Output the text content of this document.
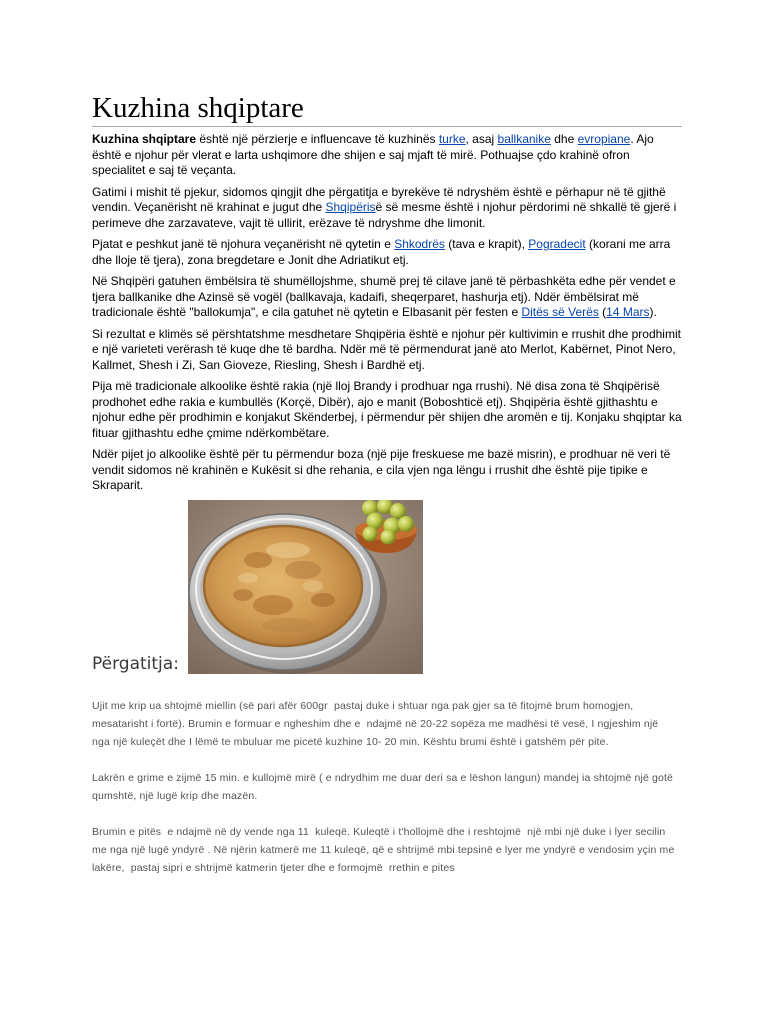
Kuzhina shqiptare

Kuzhina shqiptare është një përzierje e influencave të kuzhinës turke, asaj ballkanike dhe evropiane. Ajo është e njohur për vlerat e larta ushqimore dhe shijen e saj mjaft të mirë. Pothuajse çdo krahinë ofron specialitet e saj të veçanta.

Gatimi i mishit të pjekur, sidomos qingjit dhe përgatitja e byrekëve të ndryshëm është e përhapur në të gjithë vendin. Veçanërisht në krahinat e jugut dhe Shqipërisë së mesme është i njohur përdorimi në shkallë të gjerë i perimeve dhe zarzavateve, vajit të ullirit, erëzave të ndryshme dhe limonit.

Pjatat e peshkut janë të njohura veçanërisht në qytetin e Shkodrës (tava e krapit), Pogradecit (korani me arra dhe lloje të tjera), zona bregdetare e Jonit dhe Adriatikut etj.

Në Shqipëri gatuhen ëmbëlsira të shumëllojshme, shumë prej të cilave janë të përbashkëta edhe për vendet e tjera ballkanike dhe Azinsë së vogël (ballkavaja, kadaifi, sheqerparet, hashurja etj). Ndër ëmbëlsirat më tradicionale është "ballokumja", e cila gatuhet në qytetin e Elbasanit për festen e Ditës së Verës (14 Mars).

Si rezultat e klimës së përshtatshme mesdhetare Shqipëria është e njohur për kultivimin e rrushit dhe prodhimit e një varieteti verërash të kuqe dhe të bardha. Ndër më të përmendurat janë ato Merlot, Kabërnet, Pinot Nero, Kallmet, Shesh i Zi, San Gioveze, Riesling, Shesh i Bardhë etj.

Pija më tradicionale alkoolike është rakia (një lloj Brandy i prodhuar nga rrushi). Në disa zona të Shqipërisë prodhohet edhe rakia e kumbullës (Korçë, Dibër), ajo e manit (Boboshticë etj). Shqipëria është gjithashtu e njohur edhe për prodhimin e konjakut Skënderbej, i përmendur për shijen dhe aromën e tij. Konjaku shqiptar ka fituar gjithashtu edhe çmime ndërkombëtare.

Ndër pijet jo alkoolike është për tu përmendur boza (një pije freskuese me bazë misrin), e prodhuar në veri të vendit sidomos në krahinën e Kukësit si dhe rehania, e cila vjen nga lëngu i rrushit dhe është pije tipike e Skraparit.

Përgatitja:

Ujit me krip ua shtojmë miellin (së pari afër 600gr  pastaj duke i shtuar nga pak gjer sa të fitojmë brum homogjen, mesatarisht i fortë). Brumin e formuar e ngheshim dhe e  ndajmë në 20-22 sopëza me madhësi të vesë, I ngjeshim një nga një kuleçët dhe I lëmë te mbuluar me picetë kuzhine 10- 20 min. Kështu brumi është i gatshëm për pite.

Lakrën e grime e zijmë 15 min. e kullojmë mirë ( e ndrydhim me duar deri sa e lëshon langun) mandej ia shtojmë një gotë qumshtë, një lugë krip dhe mazën.

Brumin e pitës  e ndajmë në dy vende nga 11  kuleqë. Kuleqtë i t'hollojmë dhe i reshtojmë  një mbi një duke i lyer secilin me nga një lugë yndyrë . Në njërin katmerë me 11 kuleqë, që e shtrijmë mbi tepsinë e lyer me yndyrë e vendosim yçin me lakëre,  pastaj sipri e shtrijmë katmerin tjeter dhe e formojmë  rrethin e pites
